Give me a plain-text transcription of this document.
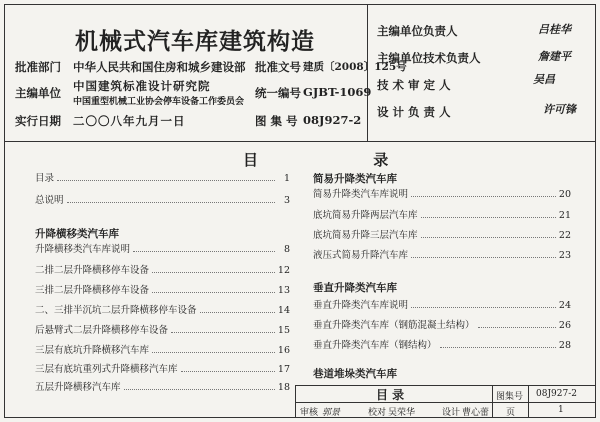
机械式汽车库建筑构造
批准部门 中华人民共和国住房和城乡建设部 批准文号 建质〔2008〕125号
主编单位 中国建筑标准设计研究院
中国重型机械工业协会停车设备工作委员会
统一编号 GJBT-1069
实行日期 二〇〇八年九月一日	图 集 号 08J927-2
主编单位负责人	吕桂华
主编单位技术负责人	詹建平
技 术 审 定 人	吴昌
设 计 负 责 人	许可锋
目 录
目录	1
总说明	3
升降横移类汽车库
升降横移类汽车库说明	8
二排二层升降横移停车设备	12
三排二层升降横移停车设备	13
二、三排半沉坑二层升降横移停车设备	14
后悬臂式二层升降横移停车设备	15
三层有底坑升降横移汽车库	16
三层有底坑重列式升降横移汽车库	17
五层升降横移汽车库	18
简易升降类汽车库
简易升降类汽车库说明	20
底坑简易升降两层汽车库	21
底坑简易升降三层汽车库	22
液压式简易升降汽车库	23
垂直升降类汽车库
垂直升降类汽车库说明	24
垂直升降类汽车库（钢筋混凝土结构）	26
垂直升降类汽车库（钢结构）	28
巷道堆垛类汽车库
目 录	图集号 08J927-2
审核 郭景	校对 吴荣华	设计 曹心蕾 页	1
